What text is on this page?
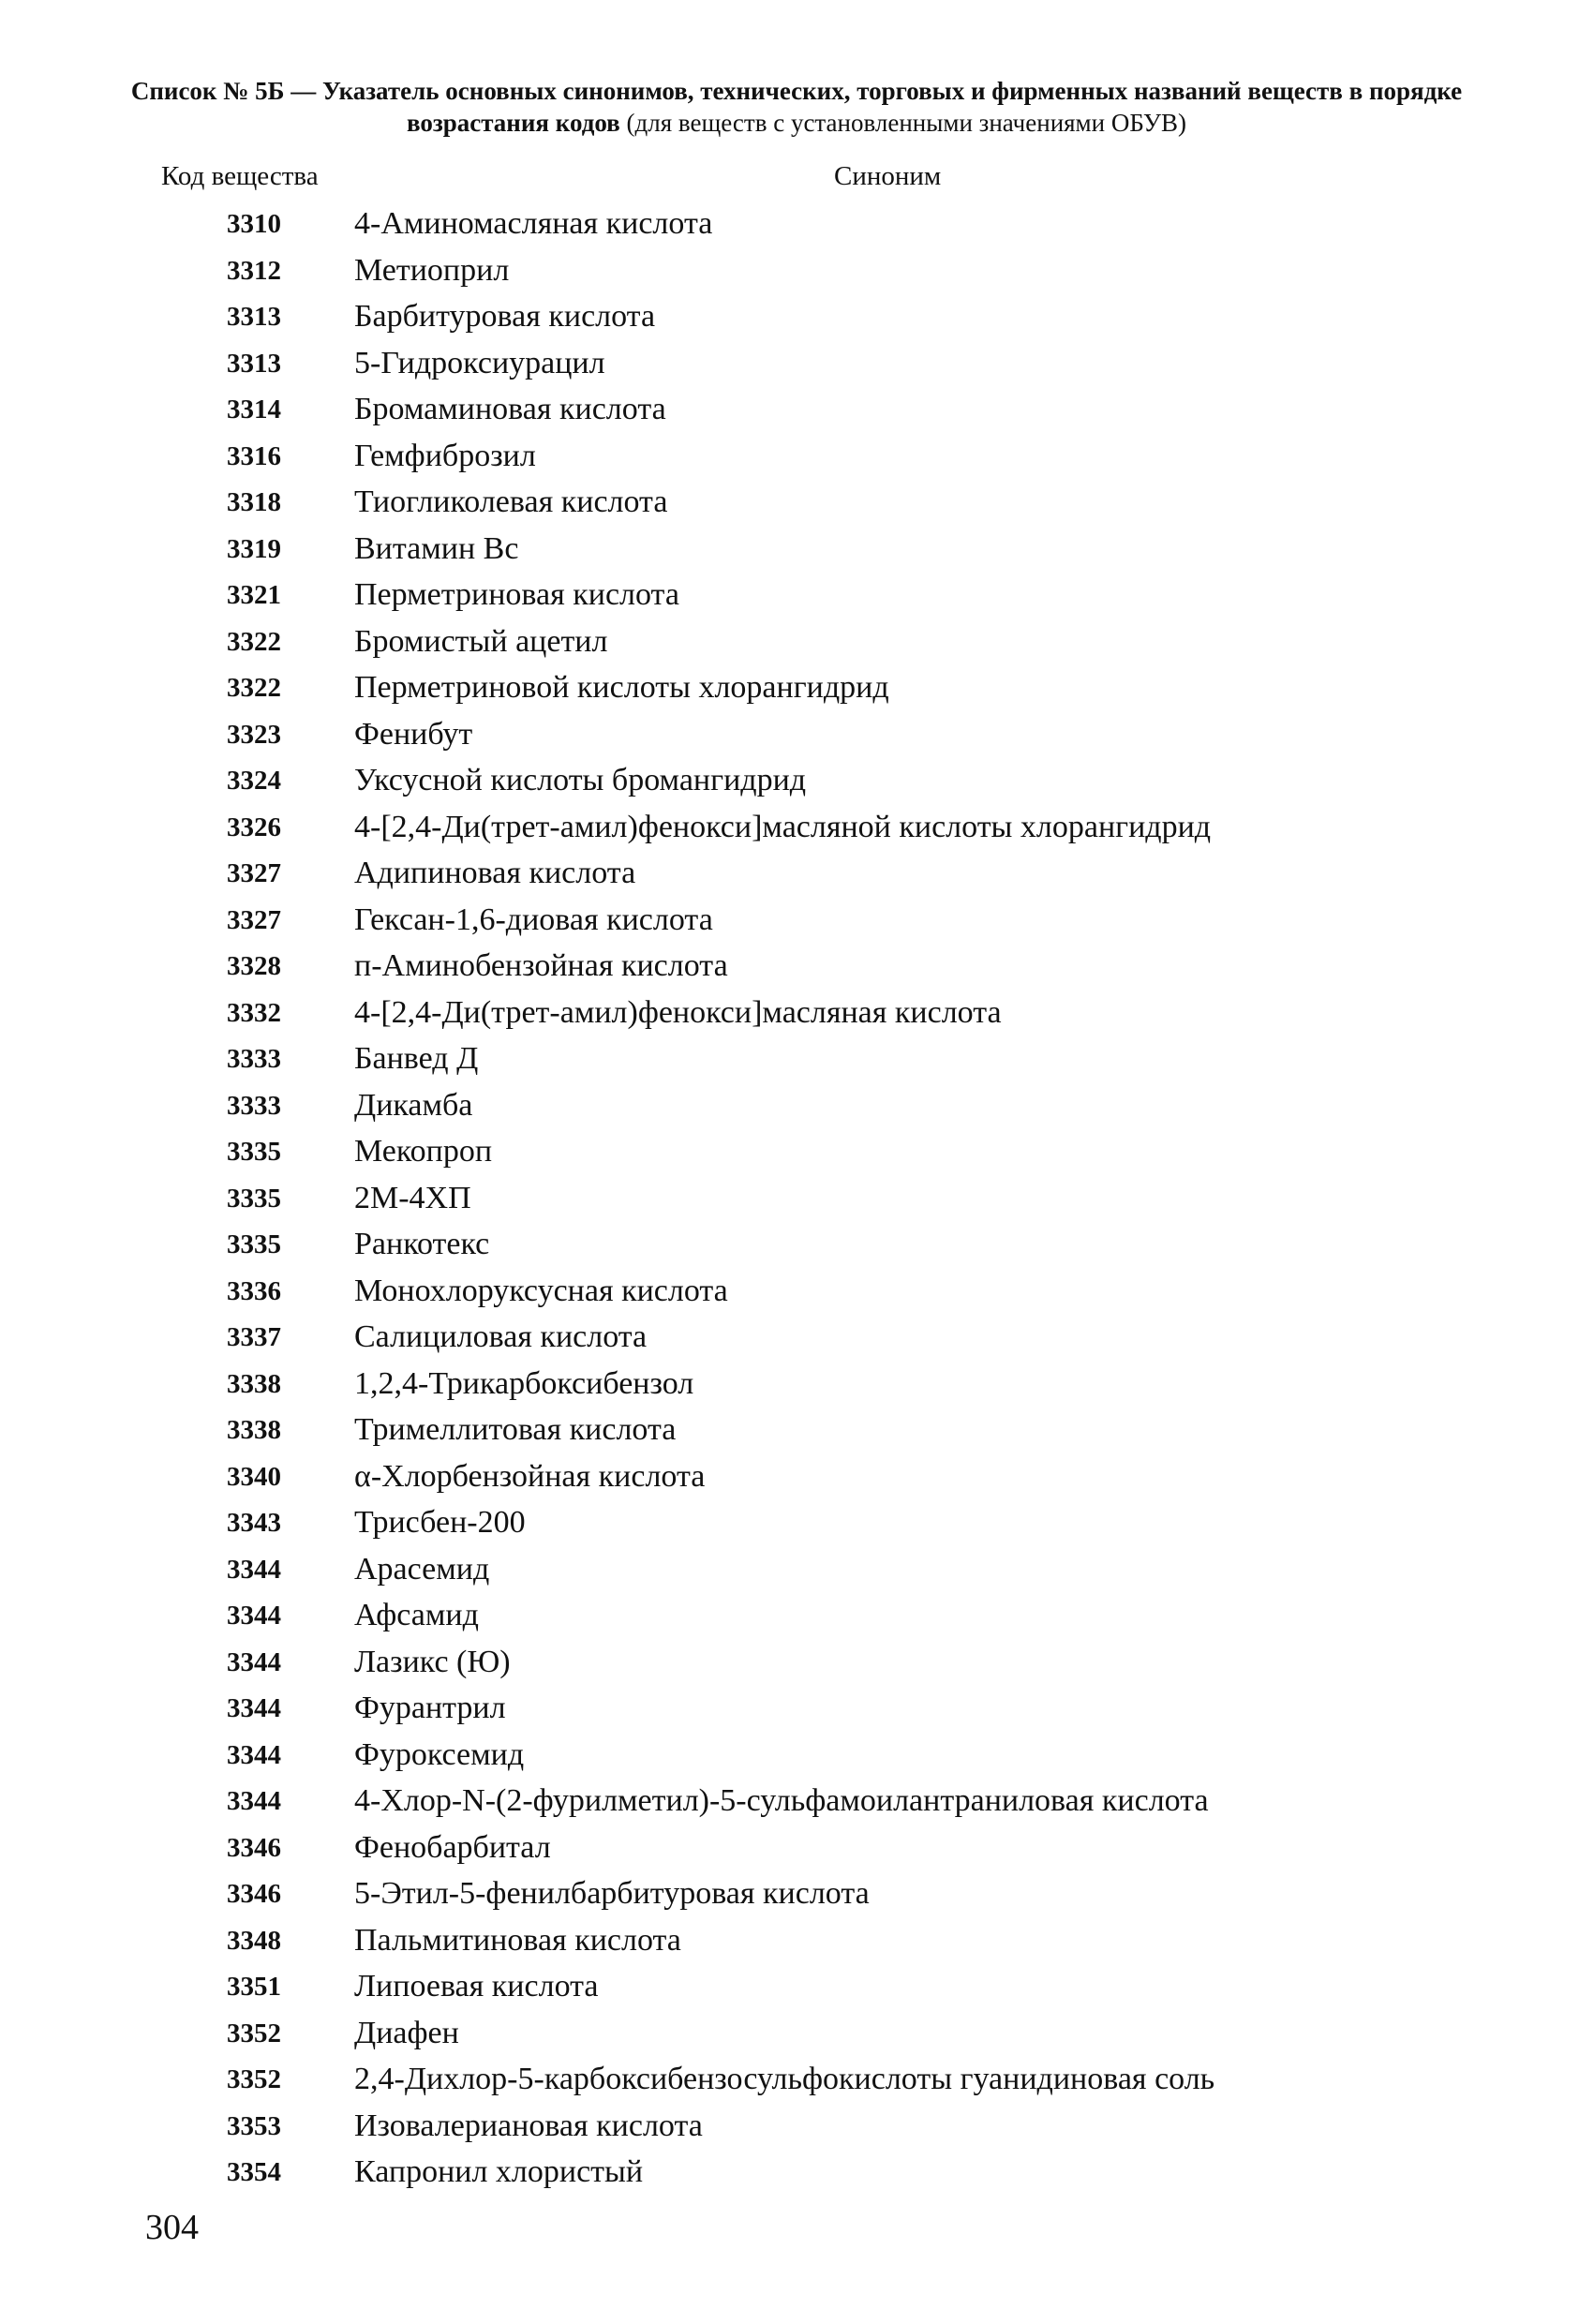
Список № 5Б — Указатель основных синонимов, технических, торговых и фирменных названий веществ в порядке возрастания кодов (для веществ с установленными значениями ОБУВ)
Код вещества	Синоним
3310 4-Аминомасляная кислота
3312 Метиоприл
3313 Барбитуровая кислота
3313 5-Гидроксиурацил
3314 Бромаминовая кислота
3316 Гемфиброзил
3318 Тиогликолевая кислота
3319 Витамин Вс
3321 Перметриновая кислота
3322 Бромистый ацетил
3322 Перметриновой кислоты хлорангидрид
3323 Фенибут
3324 Уксусной кислоты бромангидрид
3326 4-[2,4-Ди(трет-амил)фенокси]масляной кислоты хлорангидрид
3327 Адипиновая кислота
3327 Гексан-1,6-диовая кислота
3328 п-Аминобензойная кислота
3332 4-[2,4-Ди(трет-амил)фенокси]масляная кислота
3333 Банвед Д
3333 Дикамба
3335 Мекопроп
3335 2М-4ХП
3335 Ранкотекс
3336 Монохлоруксусная кислота
3337 Салициловая кислота
3338 1,2,4-Трикарбоксибензол
3338 Тримеллитовая кислота
3340 α-Хлорбензойная кислота
3343 Трисбен-200
3344 Арасемид
3344 Афсамид
3344 Лазикс (Ю)
3344 Фурантрил
3344 Фуроксемид
3344 4-Хлор-N-(2-фурилметил)-5-сульфамоилантраниловая кислота
3346 Фенобарбитал
3346 5-Этил-5-фенилбарбитуровая кислота
3348 Пальмитиновая кислота
3351 Липоевая кислота
3352 Диафен
3352 2,4-Дихлор-5-карбоксибензосульфокислоты гуанидиновая соль
3353 Изовалериановая кислота
3354 Капронил хлористый
304
